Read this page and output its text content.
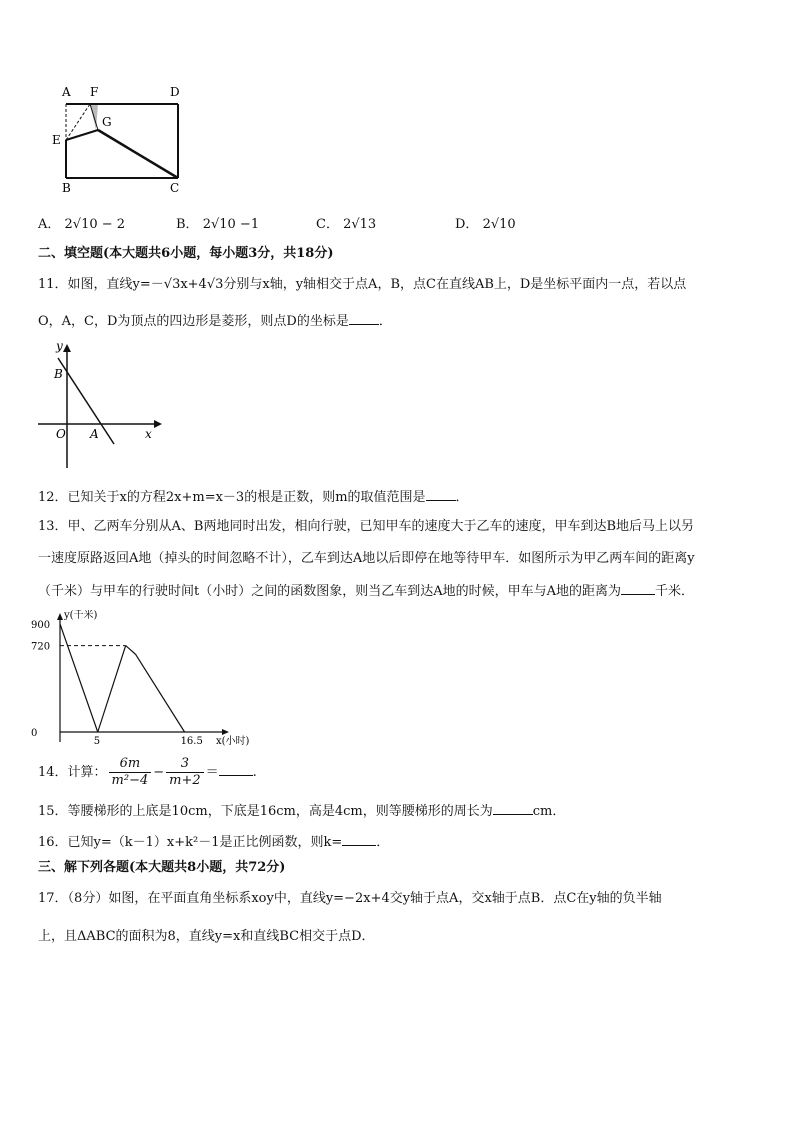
A F	D
E
G
B	C
A． 2√10 − 2	B． 2√10 −1	C． 2√13	D． 2√10
二、填空题(本大题共6小题，每小题3分，共18分)
11．如图，直线y=－√3x+4√3分别与x轴，y轴相交于点A，B，点C在直线AB上，D是坐标平面内一点，若以点
O，A，C，D为顶点的四边形是菱形，则点D的坐标是 ．
y
B
O A	x
12．已知关于x的方程2x+m=x－3的根是正数，则m的取值范围是 ．
13．甲、乙两车分别从A、B两地同时出发，相向行驶，已知甲车的速度大于乙车的速度，甲车到达B地后马上以另
一速度原路返回A地（掉头的时间忽略不计），乙车到达A地以后即停在地等待甲车．如图所示为甲乙两车间的距离y
（千米）与甲车的行驶时间t（小时）之间的函数图象，则当乙车到达A地的时候，甲车与A地的距离为	千米．
900
720
0
5	16.5
y(千米)
x(小时)
14．计算： $\frac{6m}{\text{m²−4}} - \frac{3}{m+2}$ ＝	.
15．等腰梯形的上底是10cm，下底是16cm，高是4cm，则等腰梯形的周长为	cm．
16．已知y=（k－1）x+k²－1是正比例函数，则k=	．
三、解下列各题(本大题共8小题，共72分)
17．（8分）如图，在平面直角坐标系xoy中，直线y=−2x+4交y轴于点A，交x轴于点B．点C在y轴的负半轴
上，且ΔABC的面积为8，直线y=x和直线BC相交于点D．
